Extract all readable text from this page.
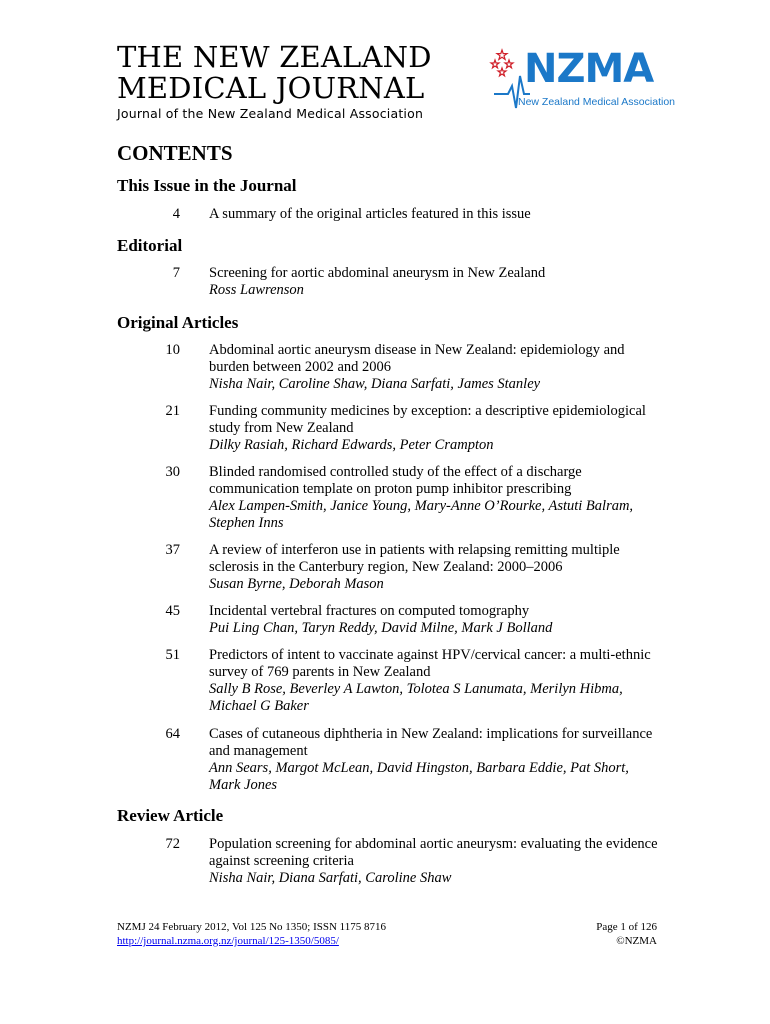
THE NEW ZEALAND
MEDICAL JOURNAL
Journal of the New Zealand Medical Association
NZMA
New Zealand Medical Association
CONTENTS
This Issue in the Journal
4 A summary of the original articles featured in this issue
Editorial
7 Screening for aortic abdominal aneurysm in New Zealand
Ross Lawrenson
Original Articles
10 Abdominal aortic aneurysm disease in New Zealand: epidemiology and burden between 2002 and 2006
Nisha Nair, Caroline Shaw, Diana Sarfati, James Stanley
21 Funding community medicines by exception: a descriptive epidemiological study from New Zealand
Dilky Rasiah, Richard Edwards, Peter Crampton
30 Blinded randomised controlled study of the effect of a discharge communication template on proton pump inhibitor prescribing
Alex Lampen-Smith, Janice Young, Mary-Anne O’Rourke, Astuti Balram, Stephen Inns
37 A review of interferon use in patients with relapsing remitting multiple sclerosis in the Canterbury region, New Zealand: 2000–2006
Susan Byrne, Deborah Mason
45 Incidental vertebral fractures on computed tomography
Pui Ling Chan, Taryn Reddy, David Milne, Mark J Bolland
51 Predictors of intent to vaccinate against HPV/cervical cancer: a multi-ethnic survey of 769 parents in New Zealand
Sally B Rose, Beverley A Lawton, Tolotea S Lanumata, Merilyn Hibma, Michael G Baker
64 Cases of cutaneous diphtheria in New Zealand: implications for surveillance and management
Ann Sears, Margot McLean, David Hingston, Barbara Eddie, Pat Short, Mark Jones
Review Article
72 Population screening for abdominal aortic aneurysm: evaluating the evidence against screening criteria
Nisha Nair, Diana Sarfati, Caroline Shaw
NZMJ 24 February 2012, Vol 125 No 1350; ISSN 1175 8716
http://journal.nzma.org.nz/journal/125-1350/5085/
Page 1 of 126
©NZMA
